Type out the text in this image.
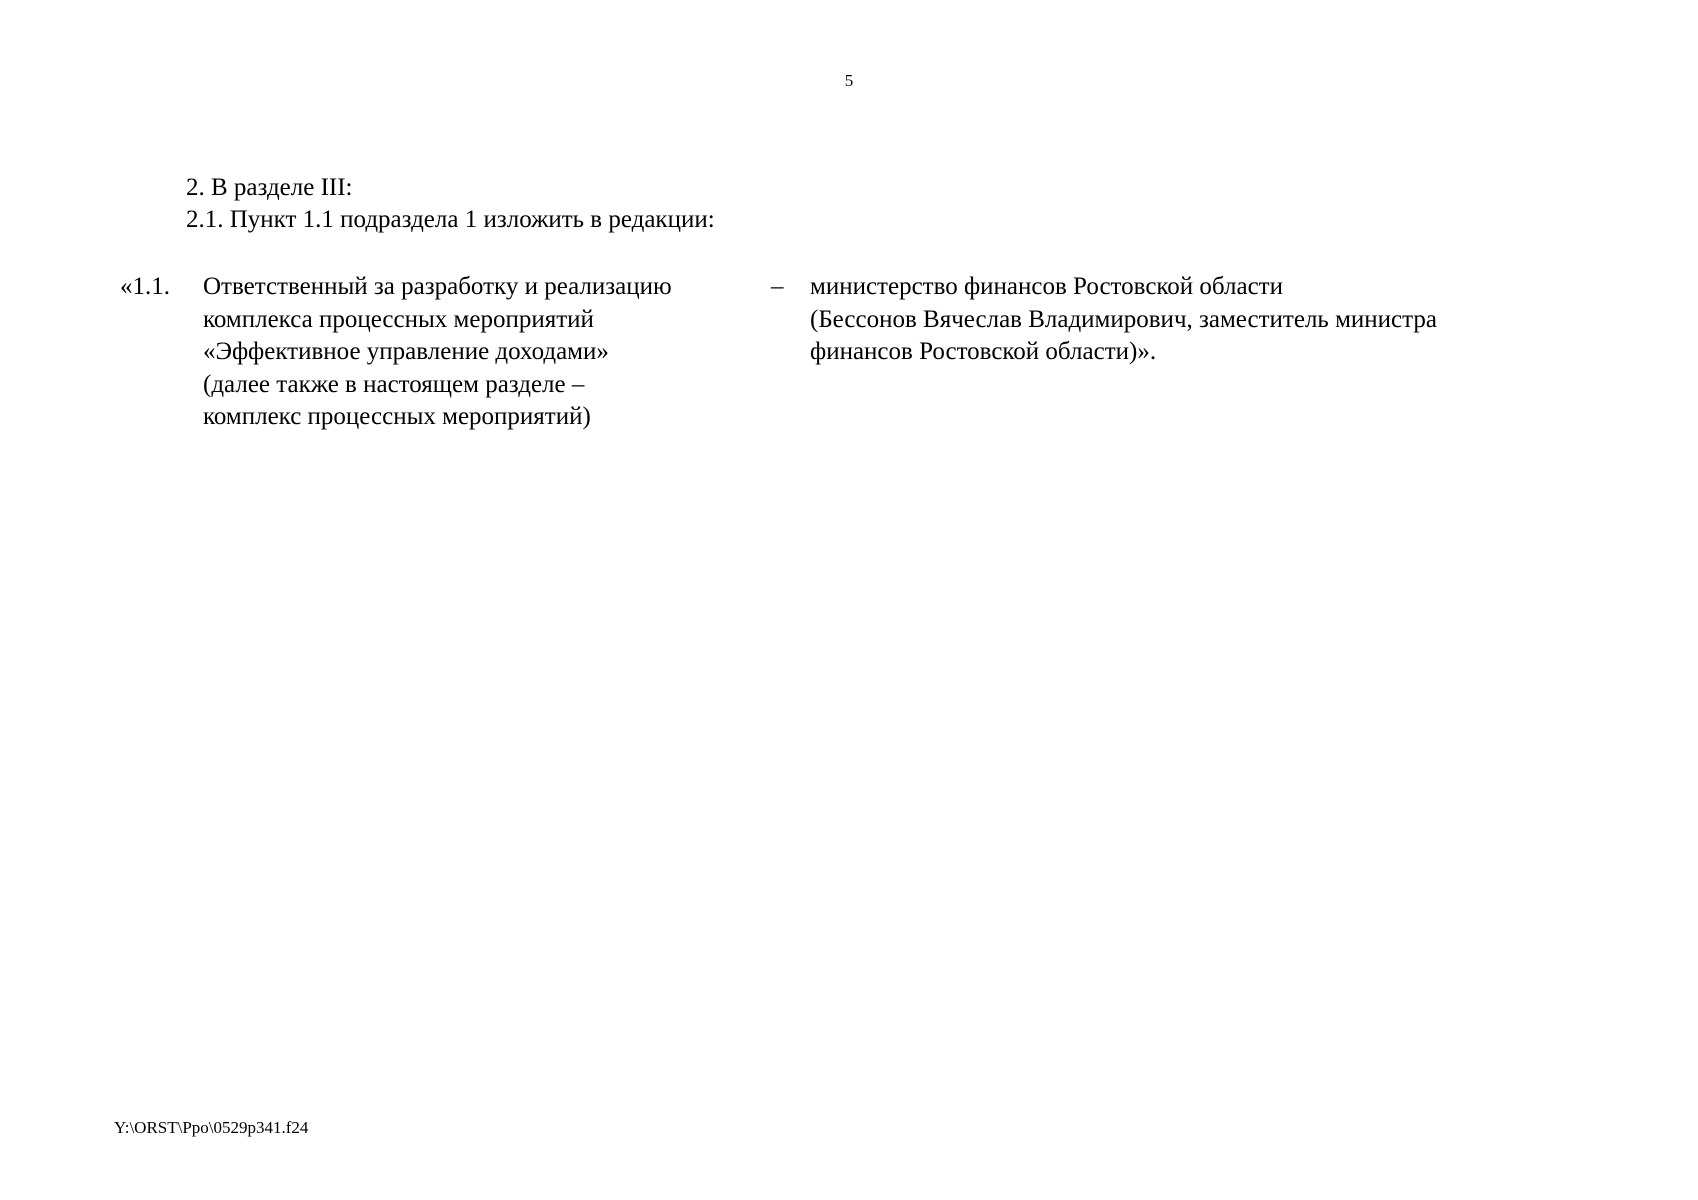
5
2. В разделе III:
2.1. Пункт 1.1 подраздела 1 изложить в редакции:
«1.1. Ответственный за разработку и реализацию
комплекса процессных мероприятий
«Эффективное управление доходами»
(далее также в настоящем разделе –
комплекс процессных мероприятий)
– министерство финансов Ростовской области
(Бессонов Вячеслав Владимирович, заместитель министра
финансов Ростовской области)».
Y:\ORST\Ppo\0529p341.f24
